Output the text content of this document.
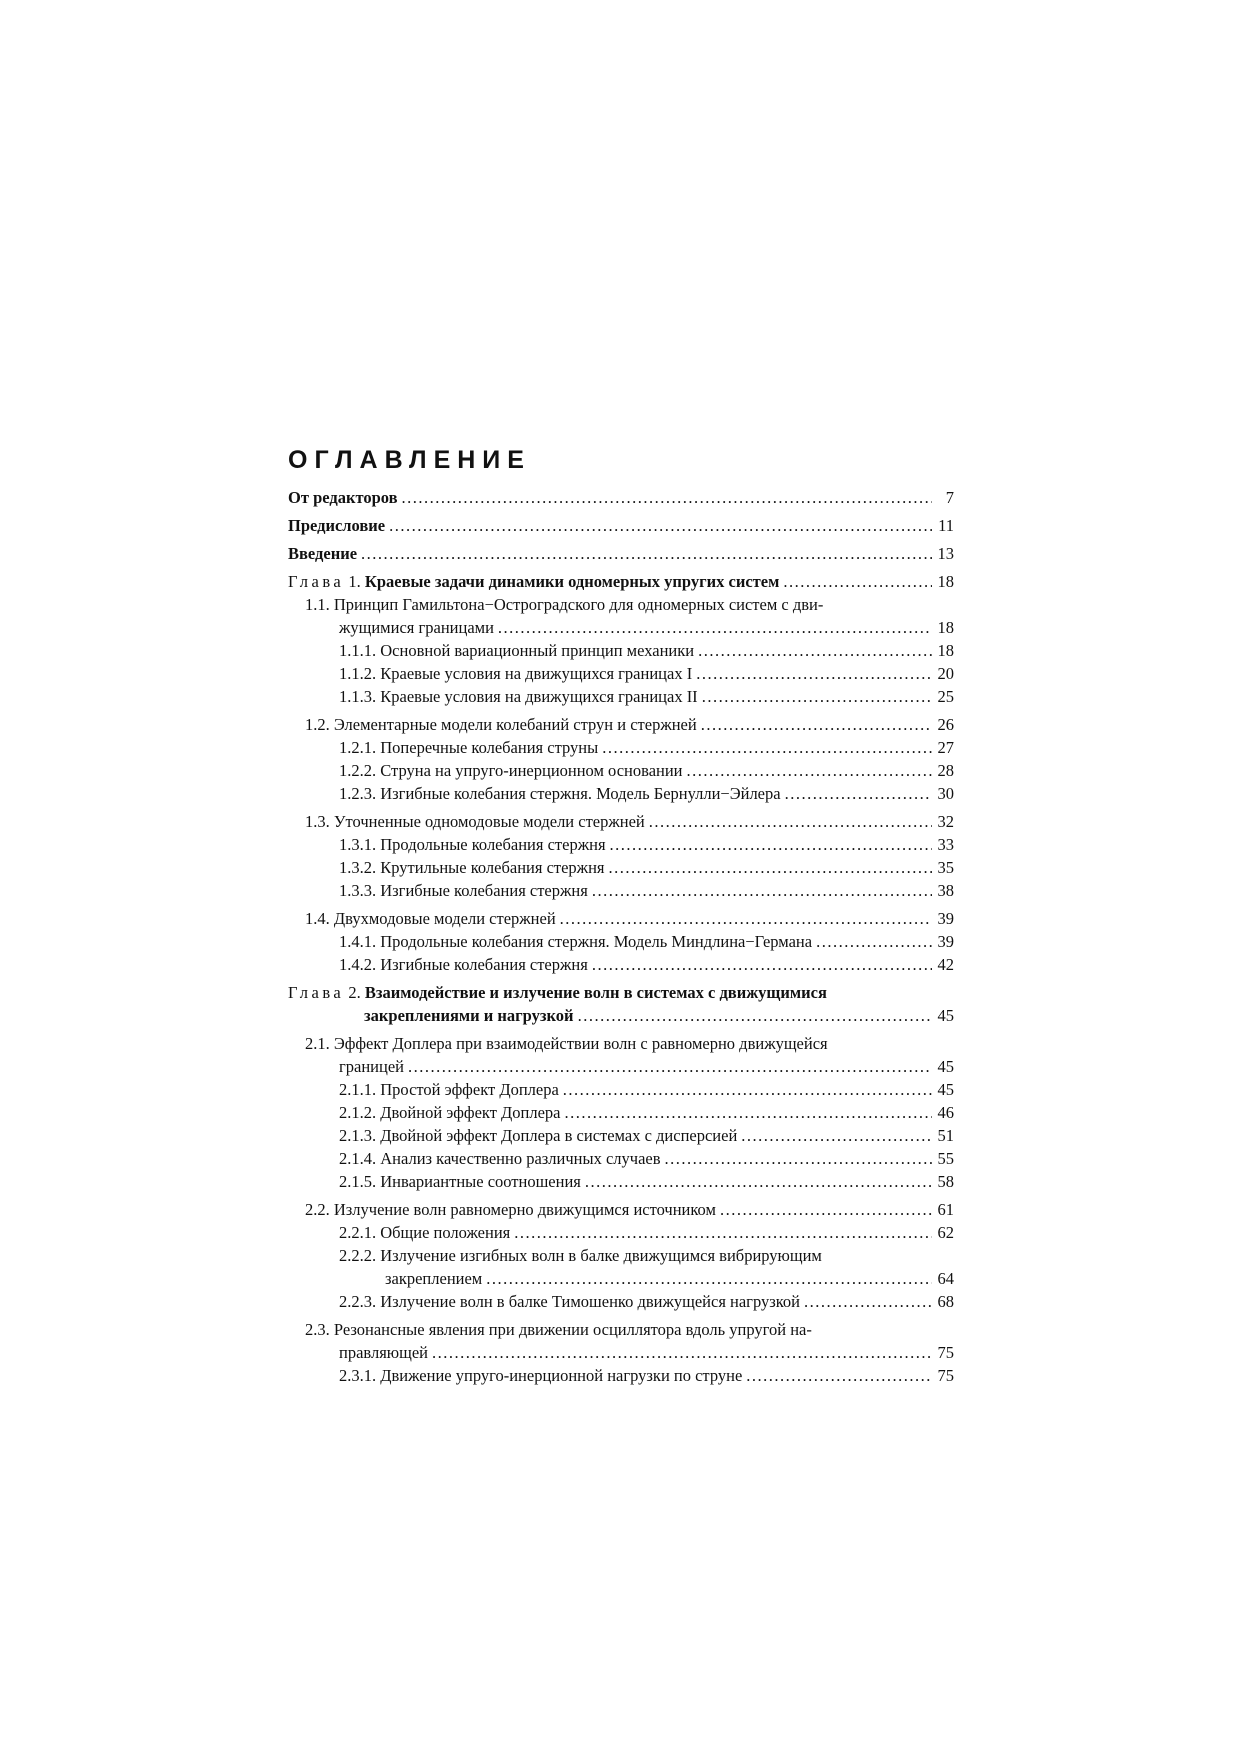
ОГЛАВЛЕНИЕ
От редакторов .....	7
Предисловие .....	11
Введение .....	13
Глава
1.
Краевые задачи динамики одномерных упругих систем .....	18
1.1. Принцип Гамильтона−Остроградского для одномерных систем с дви-
жущимися границами .....	18
1.1.1. Основной вариационный принцип механики .....	18
1.1.2. Краевые условия на движущихся границах I .....	20
1.1.3. Краевые условия на движущихся границах II .....	25
1.2. Элементарные модели колебаний струн и стержней .....	26
1.2.1. Поперечные колебания струны .....	27
1.2.2. Струна на упруго-инерционном основании .....	28
1.2.3. Изгибные колебания стержня. Модель Бернулли−Эйлера .....	30
1.3. Уточненные одномодовые модели стержней .....	32
1.3.1. Продольные колебания стержня .....	33
1.3.2. Крутильные колебания стержня .....	35
1.3.3. Изгибные колебания стержня .....	38
1.4. Двухмодовые модели стержней .....	39
1.4.1. Продольные колебания стержня. Модель Миндлина−Германа .....	39
1.4.2. Изгибные колебания стержня .....	42
Глава 2. Взаимодействие и излучение волн в системах с движущимися
закреплениями и нагрузкой .....	45
2.1. Эффект Доплера при взаимодействии волн с равномерно движущейся
границей .....	45
2.1.1. Простой эффект Доплера .....	45
2.1.2. Двойной эффект Доплера .....	46
2.1.3. Двойной эффект Доплера в системах с дисперсией .....	51
2.1.4. Анализ качественно различных случаев .....	55
2.1.5. Инвариантные соотношения .....	58
2.2. Излучение волн равномерно движущимся источником .....	61
2.2.1. Общие положения .....	62
2.2.2. Излучение изгибных волн в балке движущимся вибрирующим
закреплением .....	64
2.2.3. Излучение волн в балке Тимошенко движущейся нагрузкой .....	68
2.3. Резонансные явления при движении осциллятора вдоль упругой на-
правляющей .....	75
2.3.1. Движение упруго-инерционной нагрузки по струне .....	75
